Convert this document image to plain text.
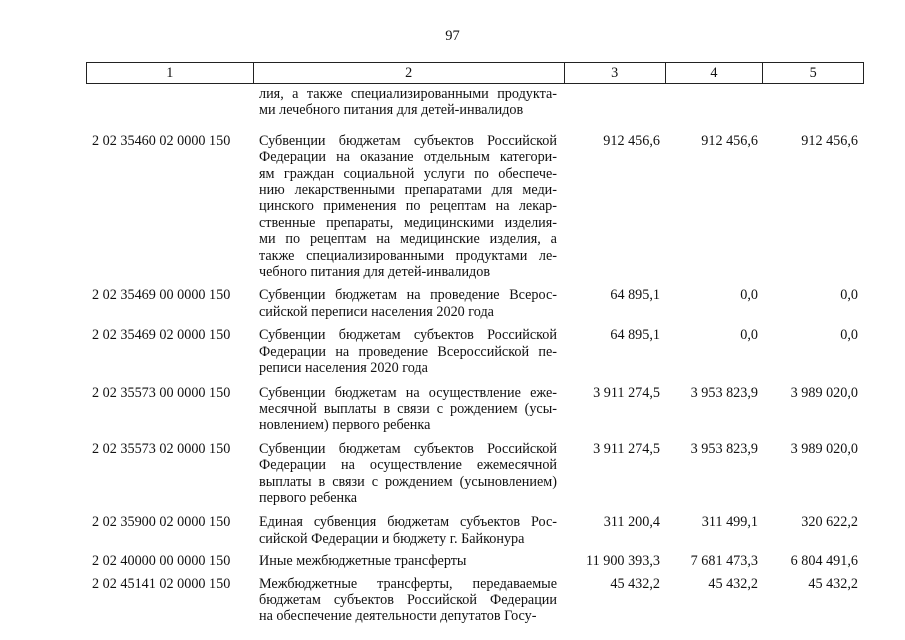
97
1	2	3	4	5
лия, а также специализированными продукта-
ми лечебного питания для детей-инвалидов
2 02 35460 02 0000 150	Субвенции бюджетам субъектов Российской
Федерации на оказание отдельным категори-
ям граждан социальной услуги по обеспече-
нию лекарственными препаратами для меди-
цинского применения по рецептам на лекар-
ственные препараты, медицинскими изделия-
ми по рецептам на медицинские изделия, а
также специализированными продуктами ле-
чебного питания для детей-инвалидов
912 456,6	912 456,6	912 456,6
2 02 35469 00 0000 150	Субвенции бюджетам на проведение Всерос-
сийской переписи населения 2020 года
64 895,1	0,0	0,0
2 02 35469 02 0000 150	Субвенции бюджетам субъектов Российской
Федерации на проведение Всероссийской пе-
реписи населения 2020 года
64 895,1	0,0	0,0
2 02 35573 00 0000 150	Субвенции бюджетам на осуществление еже-
месячной выплаты в связи с рождением (усы-
новлением) первого ребенка
3 911 274,5	3 953 823,9	3 989 020,0
2 02 35573 02 0000 150	Субвенции бюджетам субъектов Российской
Федерации на осуществление ежемесячной
выплаты в связи с рождением (усыновлением)
первого ребенка
3 911 274,5	3 953 823,9	3 989 020,0
2 02 35900 02 0000 150	Единая субвенция бюджетам субъектов Рос-
сийской Федерации и бюджету г. Байконура
311 200,4	311 499,1	320 622,2
2 02 40000 00 0000 150	Иные межбюджетные трансферты	11 900 393,3	7 681 473,3	6 804 491,6
2 02 45141 02 0000 150	Межбюджетные трансферты, передаваемые
бюджетам субъектов Российской Федерации
на обеспечение деятельности депутатов Госу-
45 432,2	45 432,2	45 432,2
